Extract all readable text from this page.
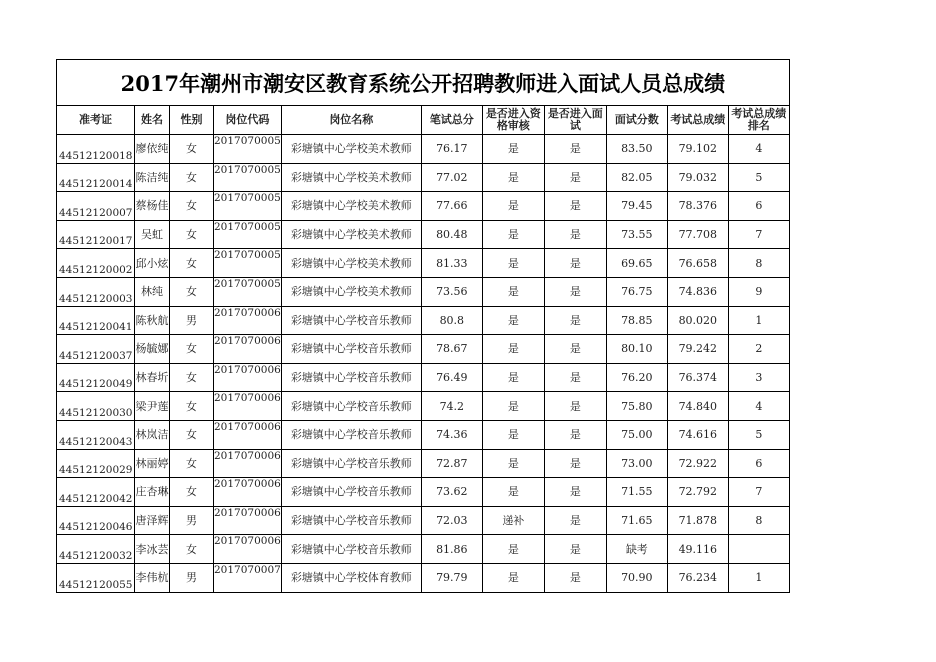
2017年潮州市潮安区教育系统公开招聘教师进入面试人员总成绩										
准考证	姓名	性别	岗位代码	岗位名称	笔试总分	是否进入资格审核	是否进入面试	面试分数	考试总成绩	考试总成绩排名
44512120018	廖依纯	女	2017070005	彩塘镇中心学校美术教师	76.17	是	是	83.50	79.102	4
44512120014	陈洁纯	女	2017070005	彩塘镇中心学校美术教师	77.02	是	是	82.05	79.032	5
44512120007	蔡杨佳	女	2017070005	彩塘镇中心学校美术教师	77.66	是	是	79.45	78.376	6
44512120017	吴虹	女	2017070005	彩塘镇中心学校美术教师	80.48	是	是	73.55	77.708	7
44512120002	邱小炫	女	2017070005	彩塘镇中心学校美术教师	81.33	是	是	69.65	76.658	8
44512120003	林纯	女	2017070005	彩塘镇中心学校美术教师	73.56	是	是	76.75	74.836	9
44512120041	陈秋航	男	2017070006	彩塘镇中心学校音乐教师	80.8	是	是	78.85	80.020	1
44512120037	杨毓娜	女	2017070006	彩塘镇中心学校音乐教师	78.67	是	是	80.10	79.242	2
44512120049	林春圻	女	2017070006	彩塘镇中心学校音乐教师	76.49	是	是	76.20	76.374	3
44512120030	梁尹莲	女	2017070006	彩塘镇中心学校音乐教师	74.2	是	是	75.80	74.840	4
44512120043	林岚洁	女	2017070006	彩塘镇中心学校音乐教师	74.36	是	是	75.00	74.616	5
44512120029	林丽婷	女	2017070006	彩塘镇中心学校音乐教师	72.87	是	是	73.00	72.922	6
44512120042	庄杏琳	女	2017070006	彩塘镇中心学校音乐教师	73.62	是	是	71.55	72.792	7
44512120046	唐泽辉	男	2017070006	彩塘镇中心学校音乐教师	72.03	递补	是	71.65	71.878	8
44512120032	李冰芸	女	2017070006	彩塘镇中心学校音乐教师	81.86	是	是	缺考	49.116	
44512120055	李伟杭	男	2017070007	彩塘镇中心学校体育教师	79.79	是	是	70.90	76.234	1
